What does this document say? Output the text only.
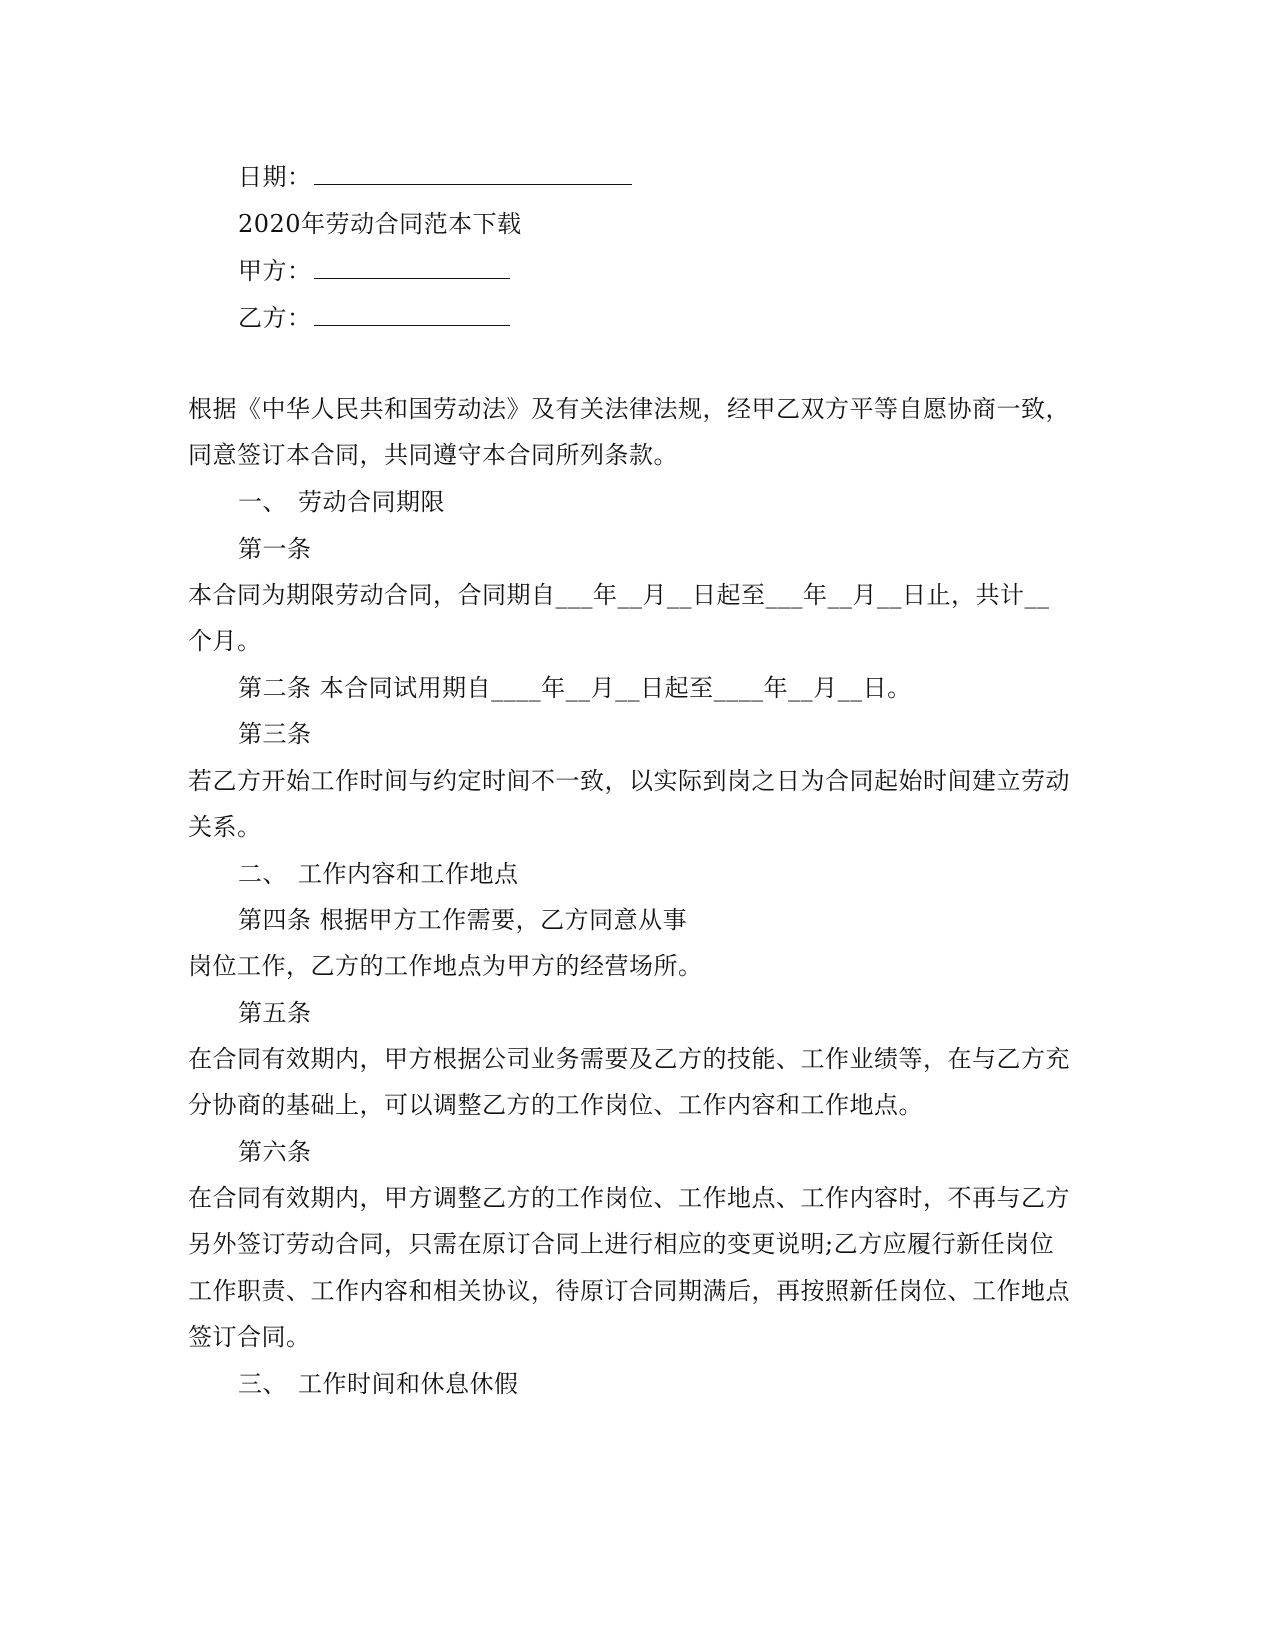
日期：
2020年劳动合同范本下载
甲方：
乙方：
根据《中华人民共和国劳动法》及有关法律法规，经甲乙双方平等自愿协商一致，
同意签订本合同，共同遵守本合同所列条款。
一、 劳动合同期限
第一条
本合同为期限劳动合同，合同期自___年__月__日起至___年__月__日止，共计__
个月。
第二条 本合同试用期自____年__月__日起至____年__月__日。
第三条
若乙方开始工作时间与约定时间不一致，以实际到岗之日为合同起始时间建立劳动
关系。
二、 工作内容和工作地点
第四条 根据甲方工作需要，乙方同意从事
岗位工作，乙方的工作地点为甲方的经营场所。
第五条
在合同有效期内，甲方根据公司业务需要及乙方的技能、工作业绩等，在与乙方充
分协商的基础上，可以调整乙方的工作岗位、工作内容和工作地点。
第六条
在合同有效期内，甲方调整乙方的工作岗位、工作地点、工作内容时，不再与乙方
另外签订劳动合同，只需在原订合同上进行相应的变更说明;乙方应履行新任岗位
工作职责、工作内容和相关协议，待原订合同期满后，再按照新任岗位、工作地点
签订合同。
三、 工作时间和休息休假
